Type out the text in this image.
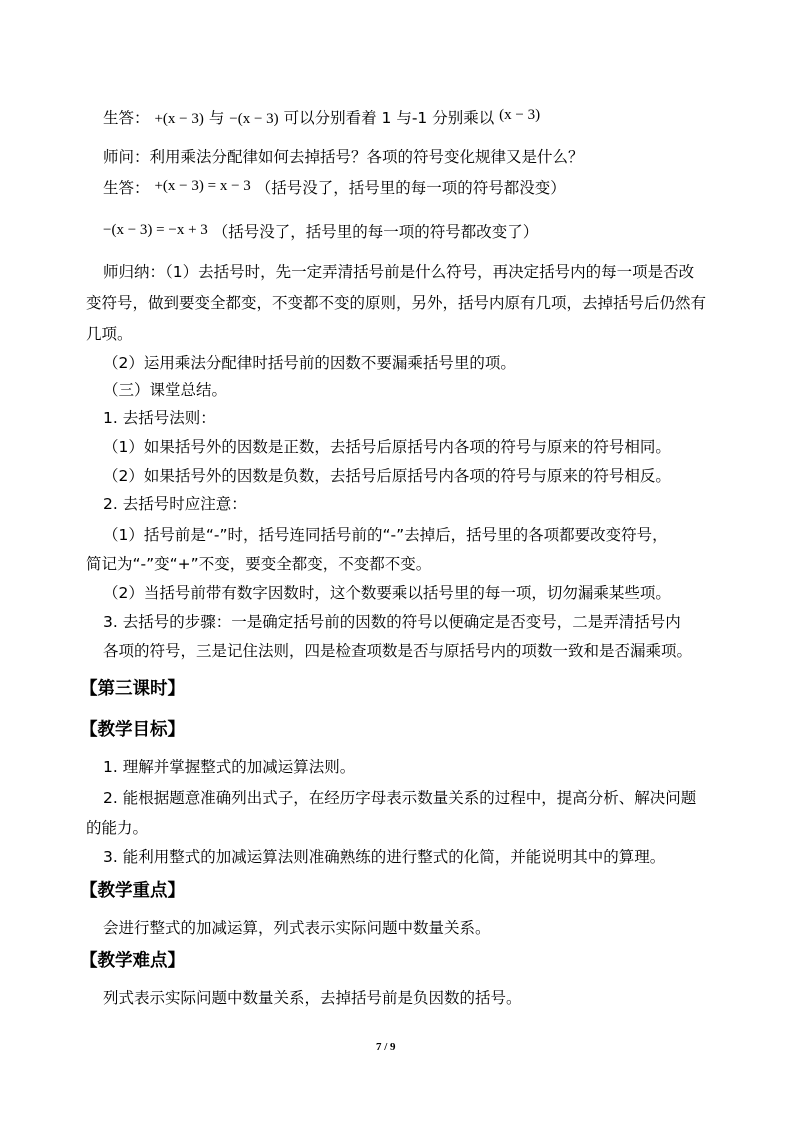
生答： +(x − 3) 与 −(x − 3) 可以分别看着 1 与-1 分别乘以 (x − 3)
师问：利用乘法分配律如何去掉括号？各项的符号变化规律又是什么？
生答： +(x − 3) = x − 3 （括号没了，括号里的每一项的符号都没变）
−(x − 3) = −x + 3 （括号没了，括号里的每一项的符号都改变了）
师归纳：（1）去括号时，先一定弄清括号前是什么符号，再决定括号内的每一项是否改
变符号，做到要变全都变，不变都不变的原则，另外，括号内原有几项，去掉括号后仍然有
几项。
（2）运用乘法分配律时括号前的因数不要漏乘括号里的项。
（三）课堂总结。
1. 去括号法则：
（1）如果括号外的因数是正数，去括号后原括号内各项的符号与原来的符号相同。
（2）如果括号外的因数是负数，去括号后原括号内各项的符号与原来的符号相反。
2. 去括号时应注意：
（1）括号前是“-”时，括号连同括号前的“-”去掉后，括号里的各项都要改变符号，
简记为“-”变“+”不变，要变全都变，不变都不变。
（2）当括号前带有数字因数时，这个数要乘以括号里的每一项，切勿漏乘某些项。
3. 去括号的步骤：一是确定括号前的因数的符号以便确定是否变号，二是弄清括号内
各项的符号，三是记住法则，四是检查项数是否与原括号内的项数一致和是否漏乘项。
【第三课时】
【教学目标】
1. 理解并掌握整式的加减运算法则。
2. 能根据题意准确列出式子，在经历字母表示数量关系的过程中，提高分析、解决问题
的能力。
3. 能利用整式的加减运算法则准确熟练的进行整式的化简，并能说明其中的算理。
【教学重点】
会进行整式的加减运算，列式表示实际问题中数量关系。
【教学难点】
列式表示实际问题中数量关系，去掉括号前是负因数的括号。
7 / 9
